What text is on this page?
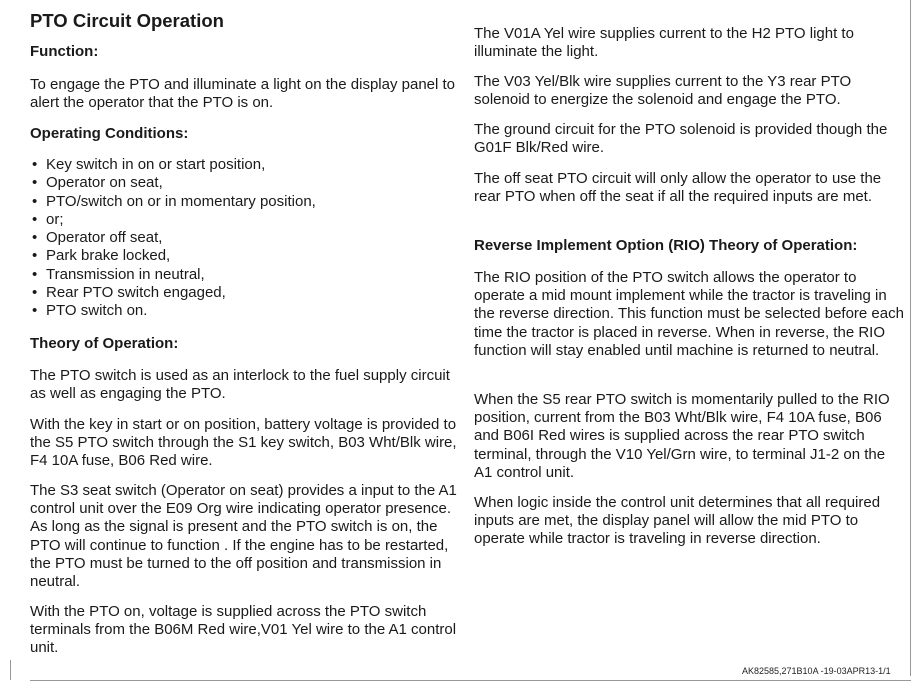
PTO Circuit Operation
Function:

To engage the PTO and illuminate a light on the display panel to alert the operator that the PTO is on.

Operating Conditions:
• Key switch in on or start position,
• Operator on seat,
• PTO/switch on or in momentary position,
• or;
• Operator off seat,
• Park brake locked,
• Transmission in neutral,
• Rear PTO switch engaged,
• PTO switch on.
Theory of Operation:

The PTO switch is used as an interlock to the fuel supply circuit as well as engaging the PTO.

With the key in start or on position, battery voltage is provided to the S5 PTO switch through the S1 key switch, B03 Wht/Blk wire, F4 10A fuse, B06 Red wire.

The S3 seat switch (Operator on seat) provides a input to the A1 control unit over the E09 Org wire indicating operator presence. As long as the signal is present and the PTO switch is on, the PTO will continue to function . If the engine has to be restarted, the PTO must be turned to the off position and transmission in neutral.

With the PTO on, voltage is supplied across the PTO switch terminals from the B06M Red wire,V01 Yel wire to the A1 control unit.

The V01A Yel wire supplies current to the H2 PTO light to illuminate the light.

The V03 Yel/Blk wire supplies current to the Y3 rear PTO solenoid to energize the solenoid and engage the PTO.

The ground circuit for the PTO solenoid is provided though the G01F Blk/Red wire.

The off seat PTO circuit will only allow the operator to use the rear PTO when off the seat if all the required inputs are met.

Reverse Implement Option (RIO) Theory of Operation:

The RIO position of the PTO switch allows the operator to operate a mid mount implement while the tractor is traveling in the reverse direction. This function must be selected before each time the tractor is placed in reverse. When in reverse, the RIO function will stay enabled until machine is returned to neutral.

When the S5 rear PTO switch is momentarily pulled to the RIO position, current from the B03 Wht/Blk wire, F4 10A fuse, B06 and B06I Red wires is supplied across the rear PTO switch terminal, through the V10 Yel/Grn wire, to terminal J1-2 on the A1 control unit.

When logic inside the control unit determines that all required inputs are met, the display panel will allow the mid PTO to operate while tractor is traveling in reverse direction.

AK82585,271B10A -19-03APR13-1/1
